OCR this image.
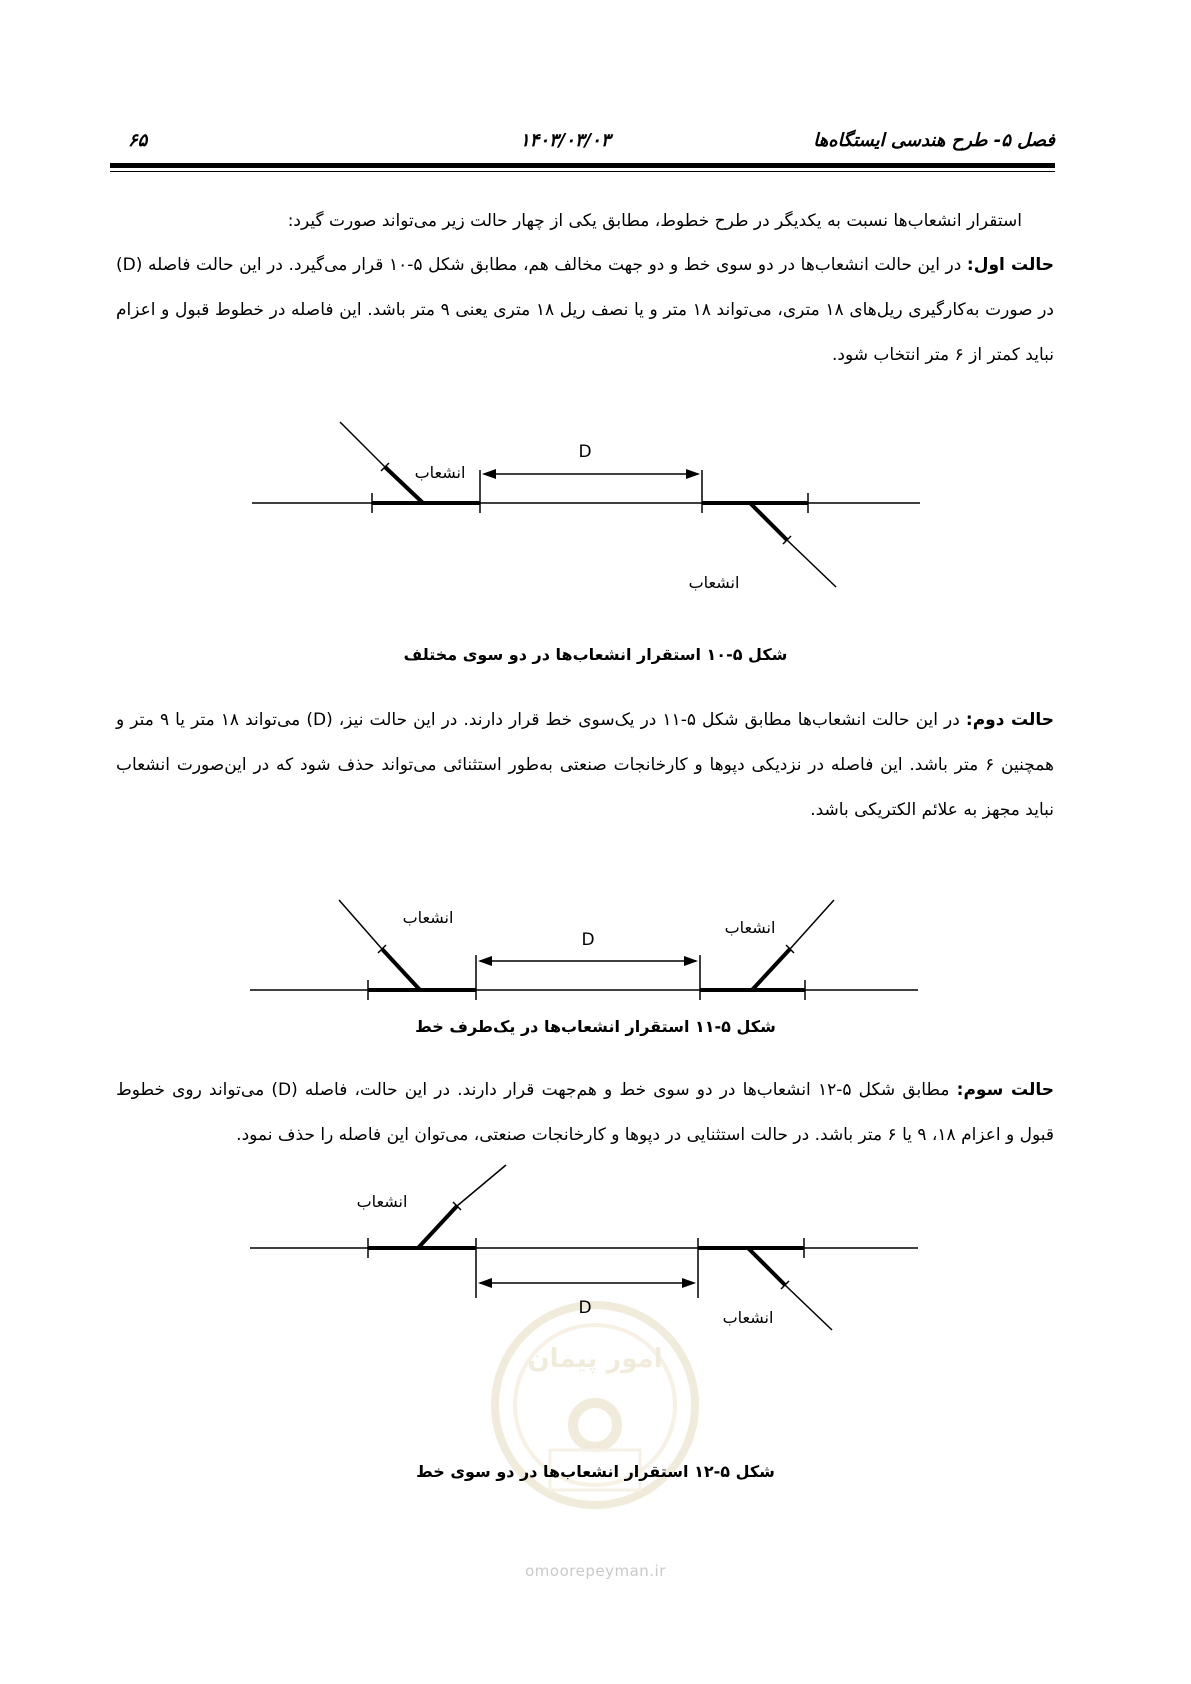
فصل ۵- طرح هندسی ایستگاه‌ها
۱۴۰۳/۰۳/۰۳
۶۵
استقرار انشعاب‌ها نسبت به یکدیگر در طرح خطوط، مطابق یکی از چهار حالت زیر می‌تواند صورت گیرد:
حالت اول: در این حالت انشعاب‌ها در دو سوی خط و دو جهت مخالف هم، مطابق شکل ۵-۱۰ قرار می‌گیرد. در این حالت فاصله (D) در صورت به‌کارگیری ریل‌های ۱۸ متری، می‌تواند ۱۸ متر و یا نصف ریل ۱۸ متری یعنی ۹ متر باشد. این فاصله در خطوط قبول و اعزام نباید کمتر از ۶ متر انتخاب شود.
D
انشعاب
انشعاب
شکل ۵-۱۰ استقرار انشعاب‌ها در دو سوی مختلف
حالت دوم: در این حالت انشعاب‌ها مطابق شکل ۵-۱۱ در یک‌سوی خط قرار دارند. در این حالت نیز، (D) می‌تواند ۱۸ متر یا ۹ متر و همچنین ۶ متر باشد. این فاصله در نزدیکی دپوها و کارخانجات صنعتی به‌طور استثنائی می‌تواند حذف شود که در این‌صورت انشعاب نباید مجهز به علائم الکتریکی باشد.
D
انشعاب
انشعاب
شکل ۵-۱۱ استقرار انشعاب‌ها در یک‌طرف خط
حالت سوم: مطابق شکل ۵-۱۲ انشعاب‌ها در دو سوی خط و هم‌جهت قرار دارند. در این حالت، فاصله (D) می‌تواند روی خطوط قبول و اعزام ۱۸، ۹ یا ۶ متر باشد. در حالت استثنایی در دپوها و کارخانجات صنعتی، می‌توان این فاصله را حذف نمود.
امور پیمان
D
انشعاب
انشعاب
شکل ۵-۱۲ استقرار انشعاب‌ها در دو سوی خط
omoorepeyman.ir
